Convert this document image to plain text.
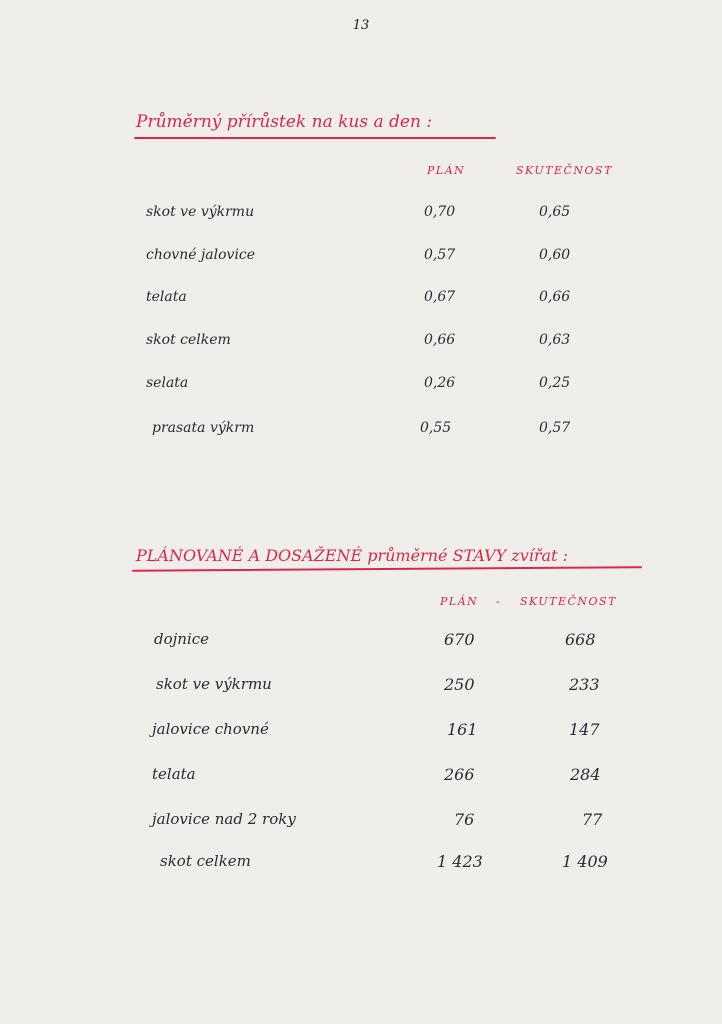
13
Průměrný přírůstek na kus a den :
PLÁN	SKUTEČNOST
skot ve výkrmu	0,70	0,65
chovné jalovice	0,57	0,60
telata	0,67	0,66
skot celkem	0,66	0,63
selata	0,26	0,25
prasata výkrm	0,55	0,57
PLÁNOVANÉ A DOSAŽENÉ průměrné STAVY zvířat :
PLÁN - SKUTEČNOST
dojnice	670	668
skot ve výkrmu	250	233
jalovice chovné	161	147
telata	266	284
jalovice nad 2 roky	76	77
skot celkem	1 423	1 409
